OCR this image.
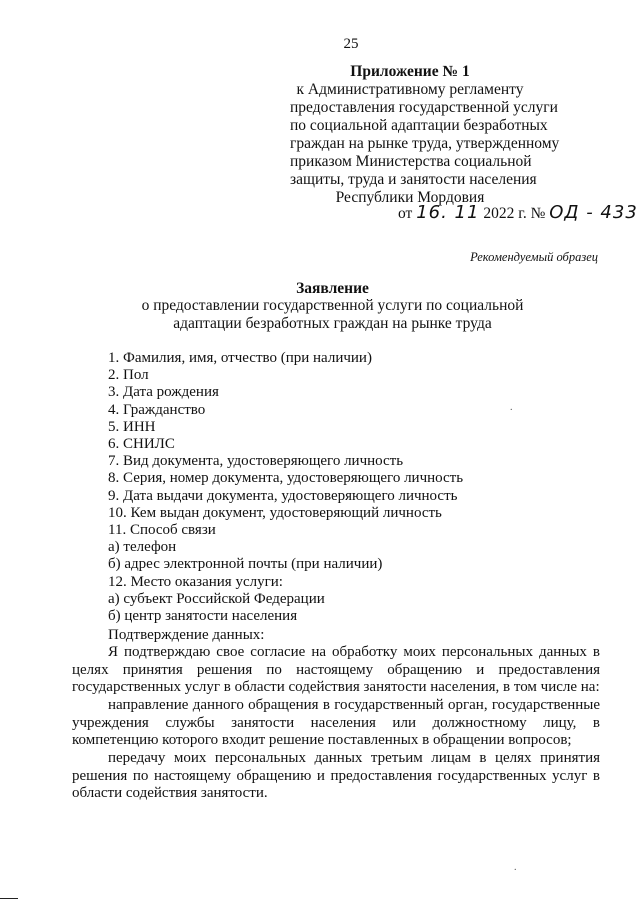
25
Приложение № 1
к Административному регламенту
предоставления государственной услуги
по социальной адаптации безработных
граждан на рынке труда, утвержденному
приказом Министерства социальной
защиты, труда и занятости населения
Республики Мордовия
от 16. 11 2022 г. № ОД - 433
Рекомендуемый образец
Заявление
о предоставлении государственной услуги по социальной
адаптации безработных граждан на рынке труда
1. Фамилия, имя, отчество (при наличии)
2. Пол
3. Дата рождения
4. Гражданство
5. ИНН
6. СНИЛС
7. Вид документа, удостоверяющего личность
8. Серия, номер документа, удостоверяющего личность
9. Дата выдачи документа, удостоверяющего личность
10. Кем выдан документ, удостоверяющий личность
11. Способ связи
а) телефон
б) адрес электронной почты (при наличии)
12. Место оказания услуги:
а) субъект Российской Федерации
б) центр занятости населения
Подтверждение данных:
Я подтверждаю свое согласие на обработку моих персональных данных в целях принятия решения по настоящему обращению и предоставления государственных услуг в области содействия занятости населения, в том числе на:
направление данного обращения в государственный орган, государственные учреждения службы занятости населения или должностному лицу, в компетенцию которого входит решение поставленных в обращении вопросов;
передачу моих персональных данных третьим лицам в целях принятия решения по настоящему обращению и предоставления государственных услуг в области содействия занятости.
.
.
